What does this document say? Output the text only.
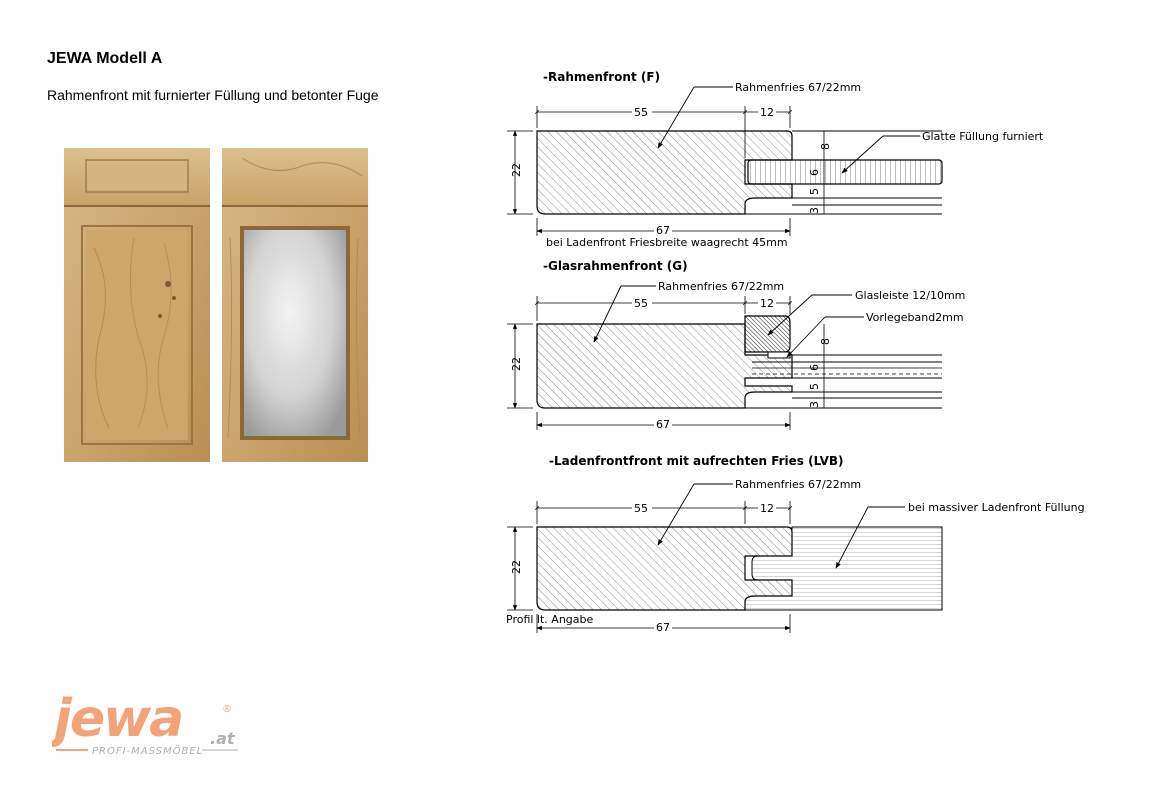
JEWA Modell A
Rahmenfront mit furnierter Füllung und betonter Fuge
-Rahmenfront (F)
55	12
22
67
bei Ladenfront Friesbreite waagrecht 45mm
8
6
5
3
Rahmenfries 67/22mm
Glatte Füllung furniert
-Glasrahmenfront (G)
55	12
22
67
8
6
5
3
Rahmenfries 67/22mm
Glasleiste 12/10mm
Vorlegeband2mm
-Ladenfrontfront mit aufrechten Fries (LVB)
55	12
22
Profil lt. Angabe
67
Rahmenfries 67/22mm
bei massiver Ladenfront Füllung
jewa .at
®
PROFI-MASSMÖBEL
